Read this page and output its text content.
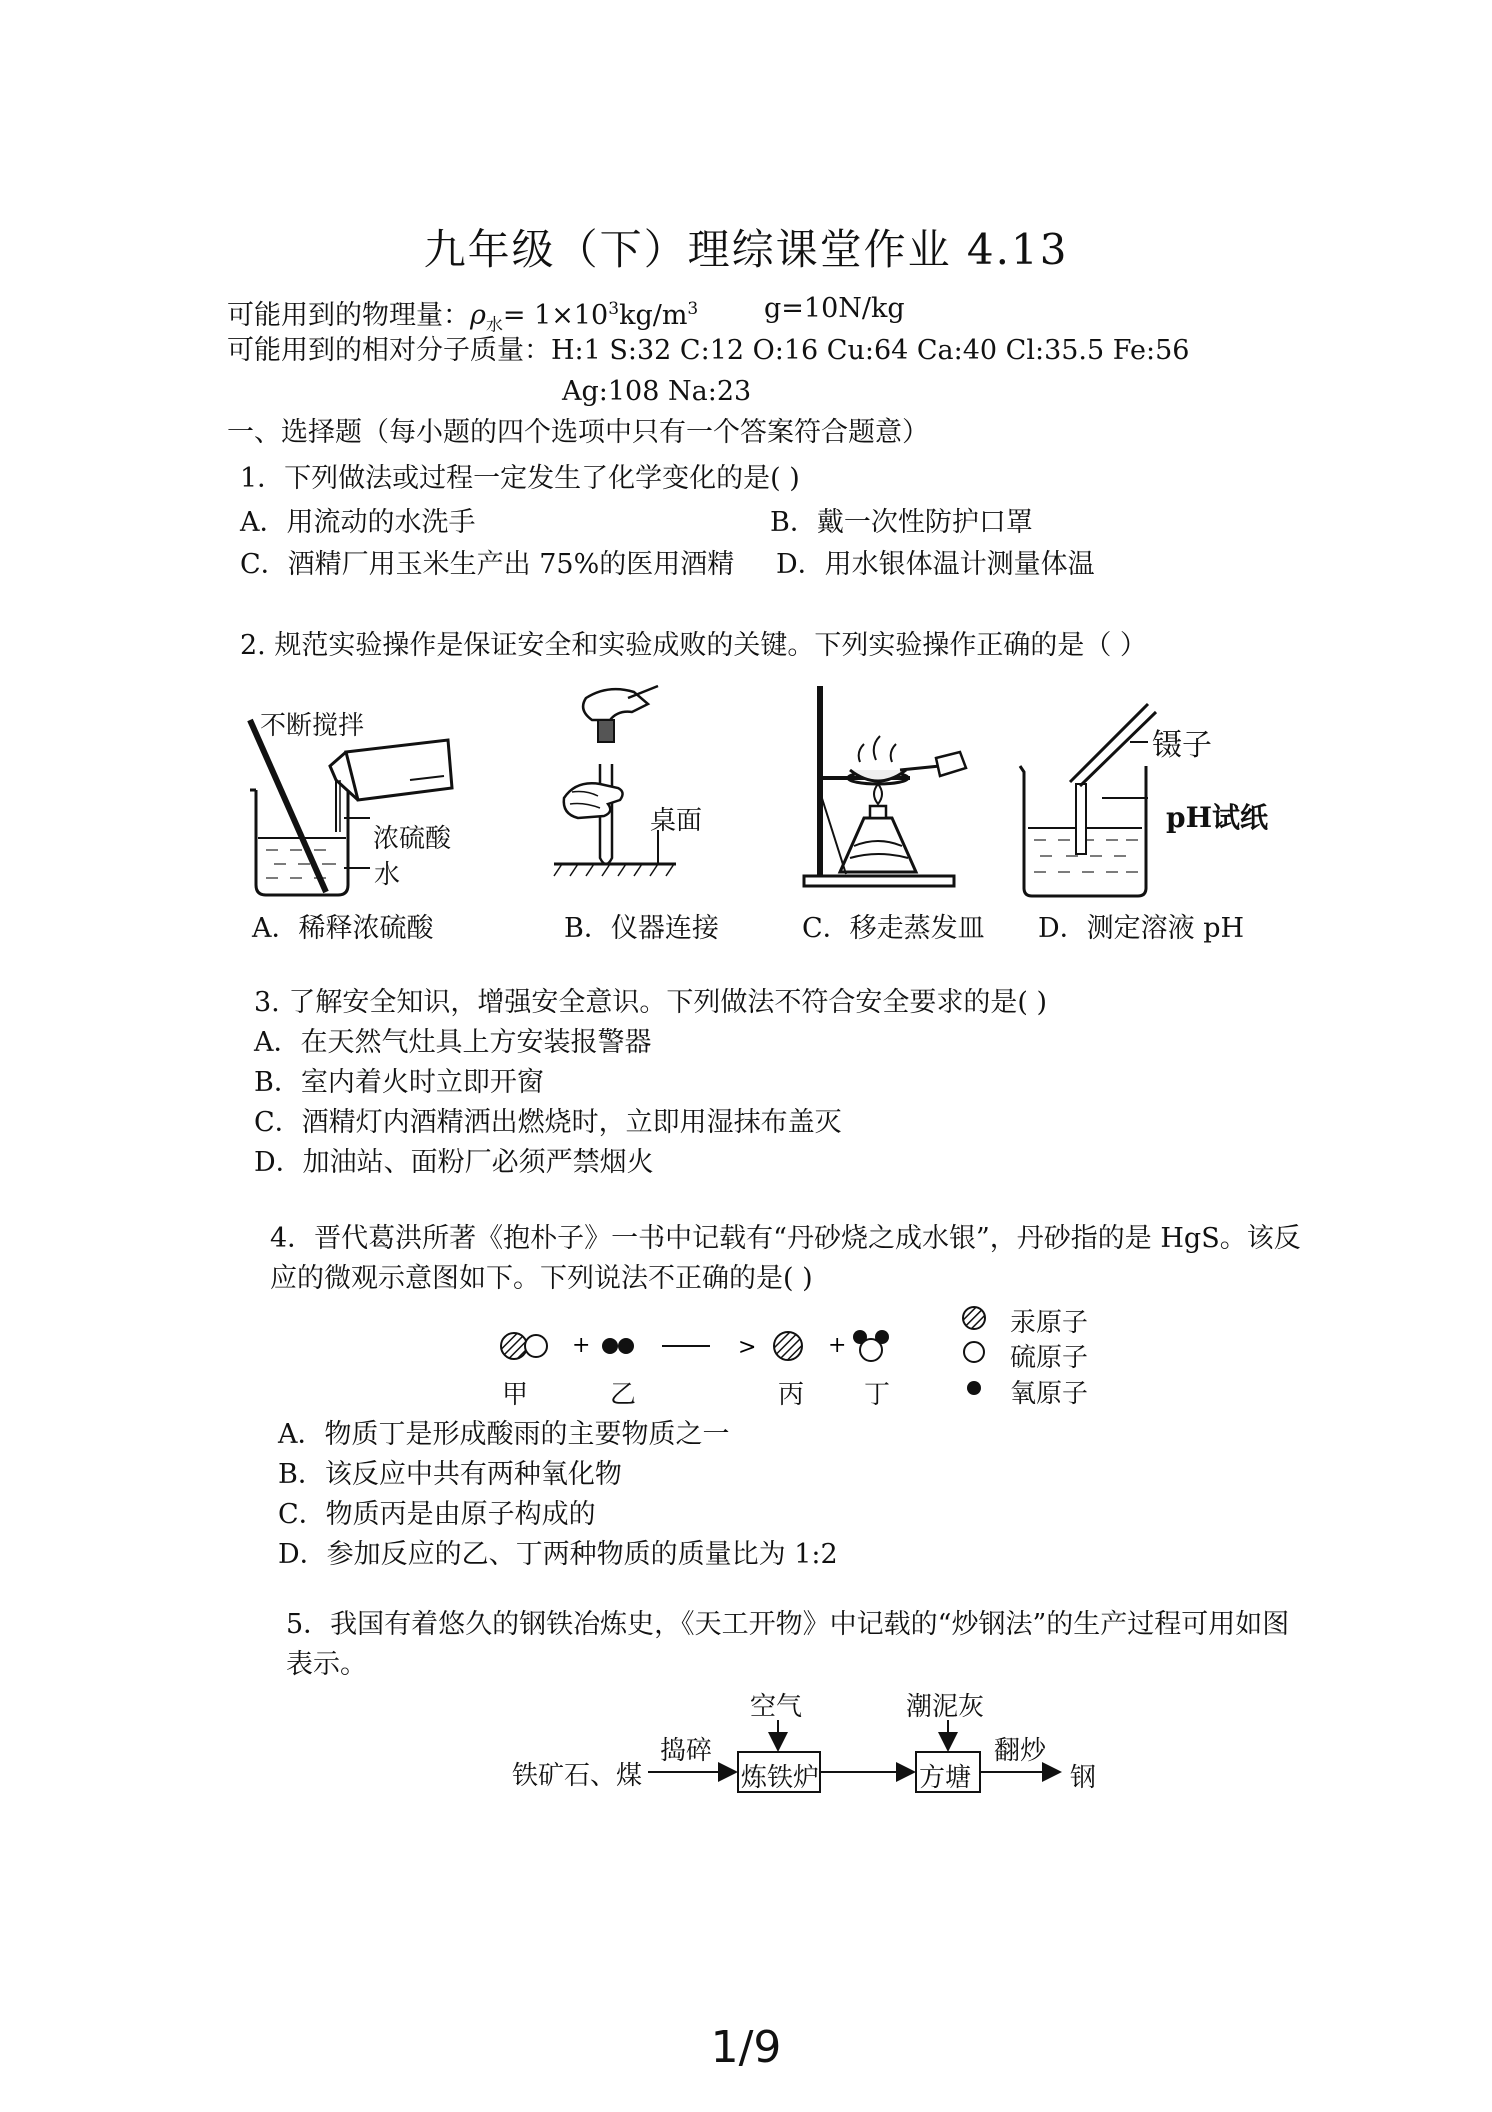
九年级（下）理综课堂作业 4.13
可能用到的物理量：$\rho_水= 1\times 10^3kg/m^3$ g=10N/kg
可能用到的相对分子质量：H:1 S:32 C:12 O:16 Cu:64 Ca:40 Cl:35.5 Fe:56
Ag:108 Na:23
一、选择题（每小题的四个选项中只有一个答案符合题意）
1．下列做法或过程一定发生了化学变化的是( )
A．用流动的水洗手	B．戴一次性防护口罩
C．酒精厂用玉米生产出 75%的医用酒精 D．用水银体温计测量体温
2. 规范实验操作是保证安全和实验成败的关键。下列实验操作正确的是（ ）
不断搅拌
浓硫酸
水
桌面
镊子
pH试纸
A．稀释浓硫酸	B．仪器连接	C．移走蒸发皿 D．测定溶液 pH
3. 了解安全知识，增强安全意识。下列做法不符合安全要求的是( )
A．在天然气灶具上方安装报警器
B．室内着火时立即开窗
C．酒精灯内酒精洒出燃烧时，立即用湿抹布盖灭
D．加油站、面粉厂必须严禁烟火
4．晋代葛洪所著《抱朴子》一书中记载有“丹砂烧之成水银”，丹砂指的是 HgS。该反
应的微观示意图如下。下列说法不正确的是( )
+	>	+
甲	乙	丙 丁
汞原子
硫原子
氧原子
A．物质丁是形成酸雨的主要物质之一
B．该反应中共有两种氧化物
C．物质丙是由原子构成的
D．参加反应的乙、丁两种物质的质量比为 1:2
5．我国有着悠久的钢铁冶炼史，《天工开物》中记载的“炒钢法”的生产过程可用如图
表示。
铁矿石、煤
捣碎
空气
炼铁炉
潮泥灰
方塘
翻炒
钢
1/9
